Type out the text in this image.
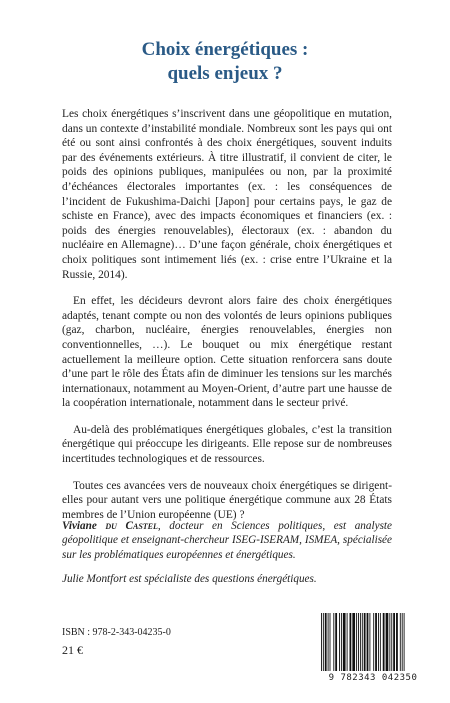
Choix énergétiques :
quels enjeux ?

Les choix énergétiques s’inscrivent dans une géopolitique en mutation, dans un contexte d’instabilité mondiale. Nombreux sont les pays qui ont été ou sont ainsi confrontés à des choix énergétiques, souvent induits par des événements extérieurs. À titre illustratif, il convient de citer, le poids des opinions publiques, manipulées ou non, par la proximité d’échéances électorales importantes (ex. : les conséquences de l’incident de Fukushima-Daichi [Japon] pour certains pays, le gaz de schiste en France), avec des impacts économiques et financiers (ex. : poids des énergies renouvelables), électoraux (ex. : abandon du nucléaire en Allemagne)… D’une façon générale, choix énergétiques et choix politiques sont intimement liés (ex. : crise entre l’Ukraine et la Russie, 2014).

En effet, les décideurs devront alors faire des choix énergétiques adaptés, tenant compte ou non des volontés de leurs opinions publiques (gaz, charbon, nucléaire, énergies renouvelables, énergies non conventionnelles, …). Le bouquet ou mix énergétique restant actuellement la meilleure option. Cette situation renforcera sans doute d’une part le rôle des États afin de diminuer les tensions sur les marchés internationaux, notamment au Moyen-Orient, d’autre part une hausse de la coopération internationale, notamment dans le secteur privé.

Au-delà des problématiques énergétiques globales, c’est la transition énergétique qui préoccupe les dirigeants. Elle repose sur de nombreuses incertitudes technologiques et de ressources.

Toutes ces avancées vers de nouveaux choix énergétiques se dirigent-elles pour autant vers une politique énergétique commune aux 28 États membres de l’Union européenne (UE) ?

Viviane du Castel, docteur en Sciences politiques, est analyste géopolitique et enseignant-chercheur ISEG-ISERAM, ISMEA, spécialisée sur les problématiques européennes et énergétiques.

Julie Montfort est spécialiste des questions énergétiques.

ISBN : 978-2-343-04235-0
21 €
9 782343 042350
